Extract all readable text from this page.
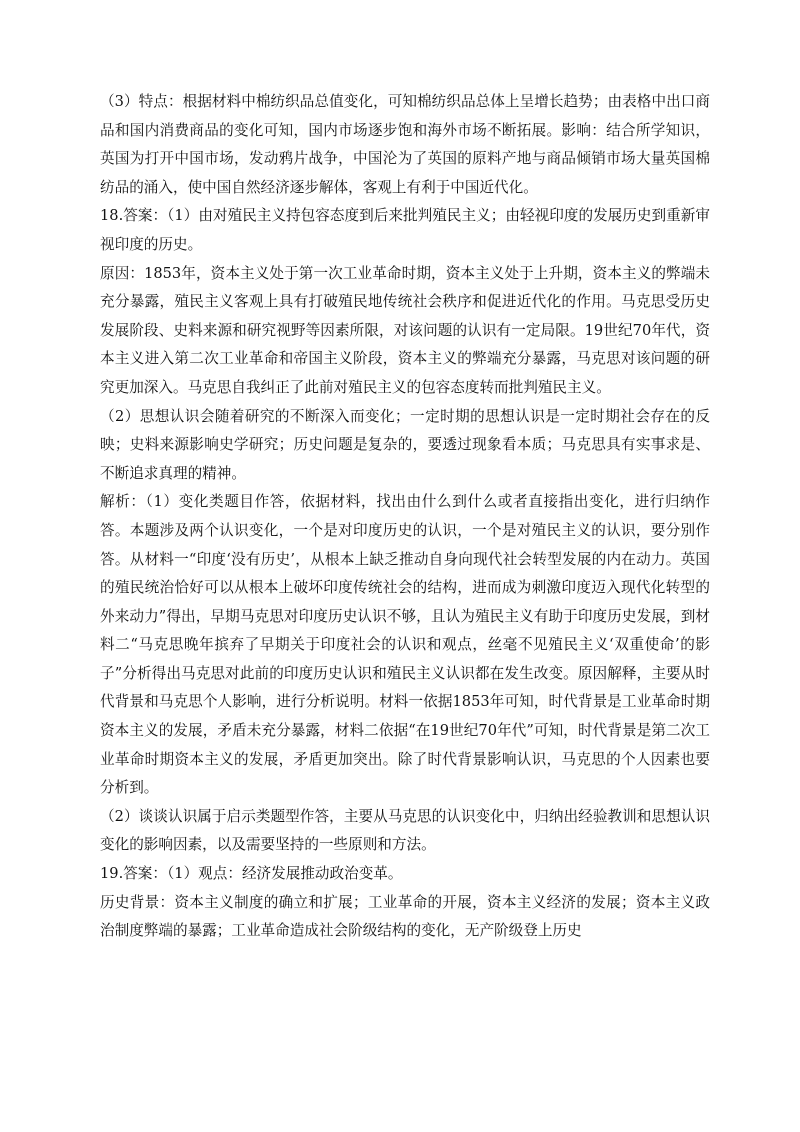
（3）特点：根据材料中棉纺织品总值变化，可知棉纺织品总体上呈增长趋势；由表格中出口商品和国内消费商品的变化可知，国内市场逐步饱和海外市场不断拓展。影响：结合所学知识，英国为打开中国市场，发动鸦片战争，中国沦为了英国的原料产地与商品倾销市场大量英国棉纺品的涌入，使中国自然经济逐步解体，客观上有利于中国近代化。

18.答案：（1）由对殖民主义持包容态度到后来批判殖民主义；由轻视印度的发展历史到重新审视印度的历史。

原因：1853年，资本主义处于第一次工业革命时期，资本主义处于上升期，资本主义的弊端未充分暴露，殖民主义客观上具有打破殖民地传统社会秩序和促进近代化的作用。马克思受历史发展阶段、史料来源和研究视野等因素所限，对该问题的认识有一定局限。19世纪70年代，资本主义进入第二次工业革命和帝国主义阶段，资本主义的弊端充分暴露，马克思对该问题的研究更加深入。马克思自我纠正了此前对殖民主义的包容态度转而批判殖民主义。

（2）思想认识会随着研究的不断深入而变化；一定时期的思想认识是一定时期社会存在的反映；史料来源影响史学研究；历史问题是复杂的，要透过现象看本质；马克思具有实事求是、不断追求真理的精神。

解析：（1）变化类题目作答，依据材料，找出由什么到什么或者直接指出变化，进行归纳作答。本题涉及两个认识变化，一个是对印度历史的认识，一个是对殖民主义的认识，要分别作答。从材料一“印度‘没有历史’，从根本上缺乏推动自身向现代社会转型发展的内在动力。英国的殖民统治恰好可以从根本上破坏印度传统社会的结构，进而成为刺激印度迈入现代化转型的外来动力”得出，早期马克思对印度历史认识不够，且认为殖民主义有助于印度历史发展，到材料二“马克思晚年摈弃了早期关于印度社会的认识和观点，丝毫不见殖民主义‘双重使命’的影子”分析得出马克思对此前的印度历史认识和殖民主义认识都在发生改变。原因解释，主要从时代背景和马克思个人影响，进行分析说明。材料一依据1853年可知，时代背景是工业革命时期资本主义的发展，矛盾未充分暴露，材料二依据“在19世纪70年代”可知，时代背景是第二次工业革命时期资本主义的发展，矛盾更加突出。除了时代背景影响认识，马克思的个人因素也要分析到。

（2）谈谈认识属于启示类题型作答，主要从马克思的认识变化中，归纳出经验教训和思想认识变化的影响因素，以及需要坚持的一些原则和方法。

19.答案：（1）观点：经济发展推动政治变革。

历史背景：资本主义制度的确立和扩展；工业革命的开展，资本主义经济的发展；资本主义政治制度弊端的暴露；工业革命造成社会阶级结构的变化，无产阶级登上历史
